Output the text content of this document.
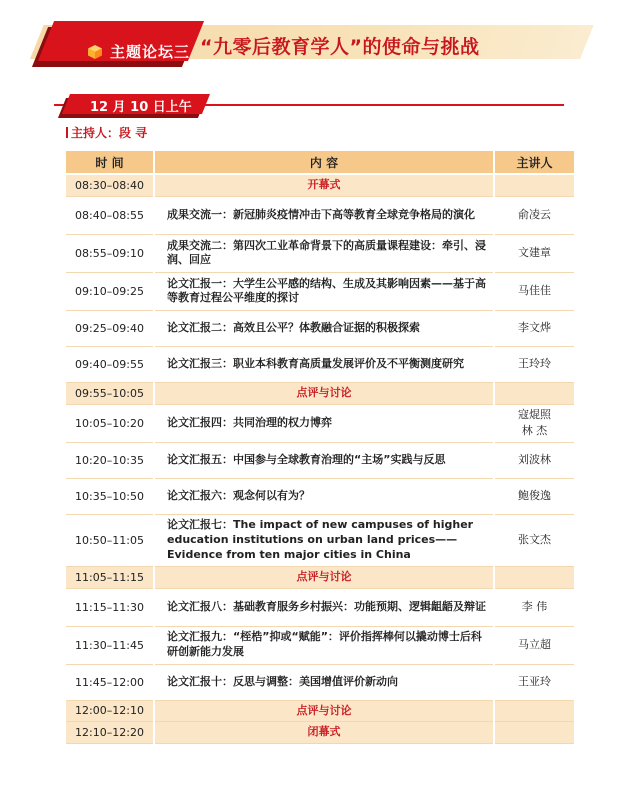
主题论坛三 “九零后教育学人”的使命与挑战
12 月 10 日上午
主持人：段 寻
时 间	内 容	主讲人
08:30–08:40	开幕式	
08:40–08:55	成果交流一：新冠肺炎疫情冲击下高等教育全球竞争格局的演化	俞凌云
08:55–09:10	成果交流二：第四次工业革命背景下的高质量课程建设：牵引、浸润、回应	文建章
09:10–09:25	论文汇报一：大学生公平感的结构、生成及其影响因素——基于高等教育过程公平维度的探讨	马佳佳
09:25–09:40	论文汇报二：高效且公平？体教融合证据的积极探索	李文烨
09:40–09:55	论文汇报三：职业本科教育高质量发展评价及不平衡测度研究	王玲玲
09:55–10:05	点评与讨论	
10:05–10:20	论文汇报四：共同治理的权力博弈	寇焜照
林 杰
10:20–10:35	论文汇报五：中国参与全球教育治理的“主场”实践与反思	刘波林
10:35–10:50	论文汇报六：观念何以有为？	鲍俊逸
10:50–11:05	论文汇报七：The impact of new campuses of higher education institutions on urban land prices——Evidence from ten major cities in China	张文杰
11:05–11:15	点评与讨论	
11:15–11:30	论文汇报八：基础教育服务乡村振兴：功能预期、逻辑龃龉及辩证	李 伟
11:30–11:45	论文汇报九：“桎梏”抑或“赋能”：评价指挥棒何以撬动博士后科研创新能力发展	马立超
11:45–12:00	论文汇报十：反思与调整：美国增值评价新动向	王亚玲
12:00–12:10	点评与讨论	
12:10–12:20	闭幕式	
